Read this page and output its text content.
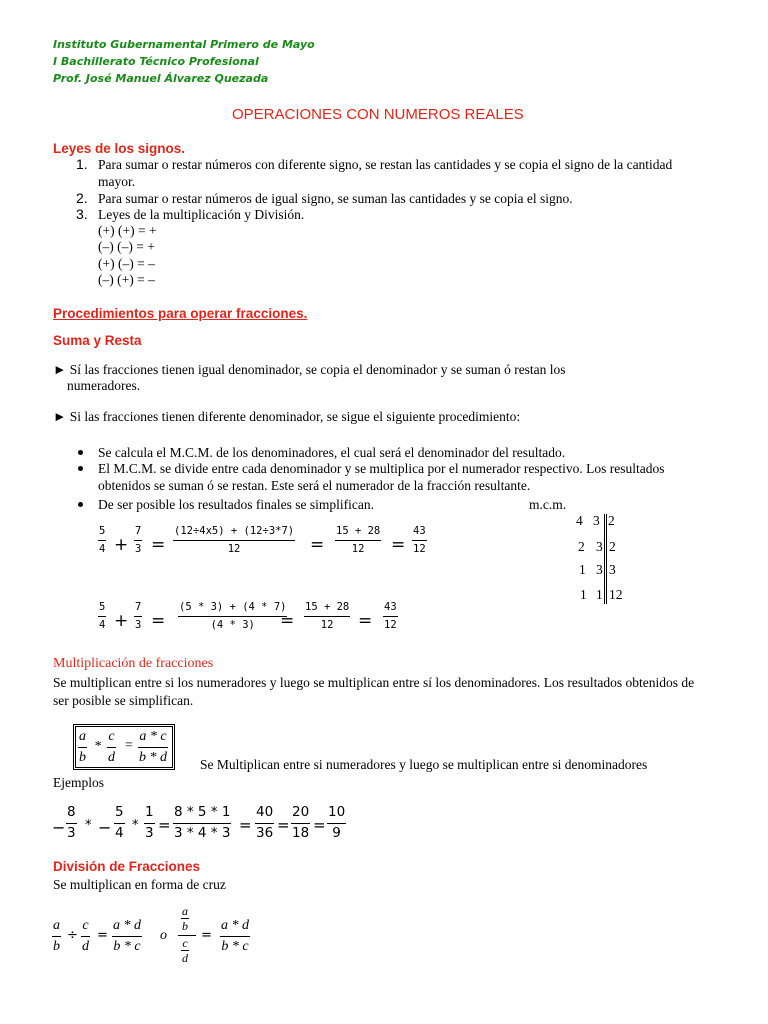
Instituto Gubernamental Primero de Mayo
I Bachillerato Técnico Profesional
Prof. José Manuel Álvarez Quezada
OPERACIONES CON NUMEROS REALES
Leyes de los signos.
1. Para sumar o restar números con diferente signo, se restan las cantidades y se copia el signo de la cantidad
mayor.
2. Para sumar o restar números de igual signo, se suman las cantidades y se copia el signo.
3. Leyes de la multiplicación y División.
(+) (+) = +
(–) (–) = +
(+) (–) = –
(–) (+) = –
Procedimientos para operar fracciones.
Suma y Resta
► Sí las fracciones tienen igual denominador, se copia el denominador y se suman ó restan los
numeradores.
► Si las fracciones tienen diferente denominador, se sigue el siguiente procedimiento:
Se calcula el M.C.M. de los denominadores, el cual será el denominador del resultado.
El M.C.M. se divide entre cada denominador y se multiplica por el numerador respectivo. Los resultados
obtenidos se suman ó se restan. Este será el numerador de la fracción resultante.
De ser posible los resultados finales se simplifican.	m.c.m.
4 3 2
2 3 2
1 3 3
1 1 12
5
4 +
7
3 =
(12÷4x5) + (12÷3*7)
12	=
15 + 28
12 =
43
12
5
4 +
7
3 =
(5 * 3) + (4 * 7)
(4 * 3) =
15 + 28
12 =
43
12
Multiplicación de fracciones
Se multiplican entre si los numeradores y luego se multiplican entre sí los denominadores. Los resultados obtenidos de
ser posible se simplifican.
a
b
*
c
d
=
a * c
b * d Se Multiplican entre si numeradores y luego se multiplican entre si denominadores
Ejemplos
−
8
3 * −
5
4 *
1
3 =
8 * 5 * 1
3 * 4 * 3 =
40
36 =
20
18 =
10
9
División de Fracciones
Se multiplican en forma de cruz
a
b
÷
c
d
=
a * d
b * c
o
a
b
c
d
=
a * d
b * c
